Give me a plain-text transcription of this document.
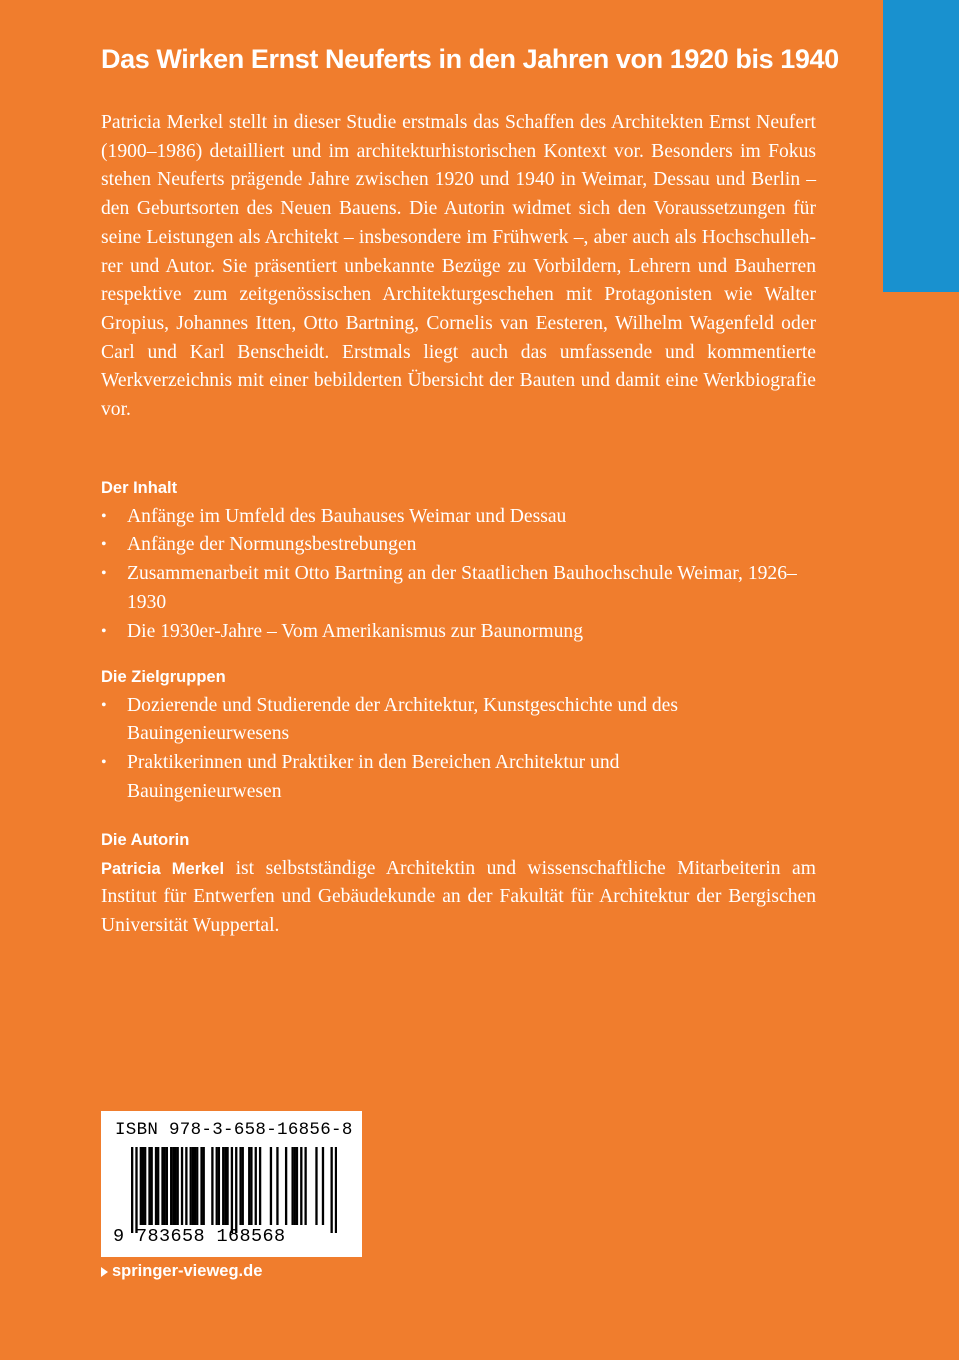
Das Wirken Ernst Neuferts in den Jahren von 1920 bis 1940

Patricia Merkel stellt in dieser Studie erstmals das Schaffen des Architekten Ernst Neufert (1900–1986) detailliert und im architekturhistorischen Kontext vor. Besonders im Fokus stehen Neuferts prägende Jahre zwischen 1920 und 1940 in Weimar, Dessau und Berlin – den Geburtsorten des Neuen Bauens. Die Autorin widmet sich den Voraussetzungen für seine Leistungen als Architekt – insbesondere im Frühwerk –, aber auch als Hochschullehrer und Autor. Sie präsentiert unbekannte Bezüge zu Vorbildern, Lehrern und Bauherren respektive zum zeitgenössischen Architekturgeschehen mit Protagonisten wie Walter Gropius, Johannes Itten, Otto Bartning, Cornelis van Eesteren, Wilhelm Wagenfeld oder Carl und Karl Benscheidt. Erstmals liegt auch das umfassende und kommentierte Werkverzeichnis mit einer bebilderten Übersicht der Bauten und damit eine Werkbiografie vor.

Der Inhalt
• Anfänge im Umfeld des Bauhauses Weimar und Dessau
• Anfänge der Normungsbestrebungen
• Zusammenarbeit mit Otto Bartning an der Staatlichen Bauhochschule Weimar, 1926–1930
• Die 1930er-Jahre – Vom Amerikanismus zur Baunormung
Die Zielgruppen
• Dozierende und Studierende der Architektur, Kunstgeschichte und des Bauingenieurwesens
• Praktikerinnen und Praktiker in den Bereichen Architektur und Bauingenieurwesen
Die Autorin

Patricia Merkel ist selbstständige Architektin und wissenschaftliche Mitarbeiterin am Institut für Entwerfen und Gebäudekunde an der Fakultät für Architektur der Bergischen Universität Wuppertal.

ISBN 978-3-658-16856-8
9 783658 168568
springer-vieweg.de
